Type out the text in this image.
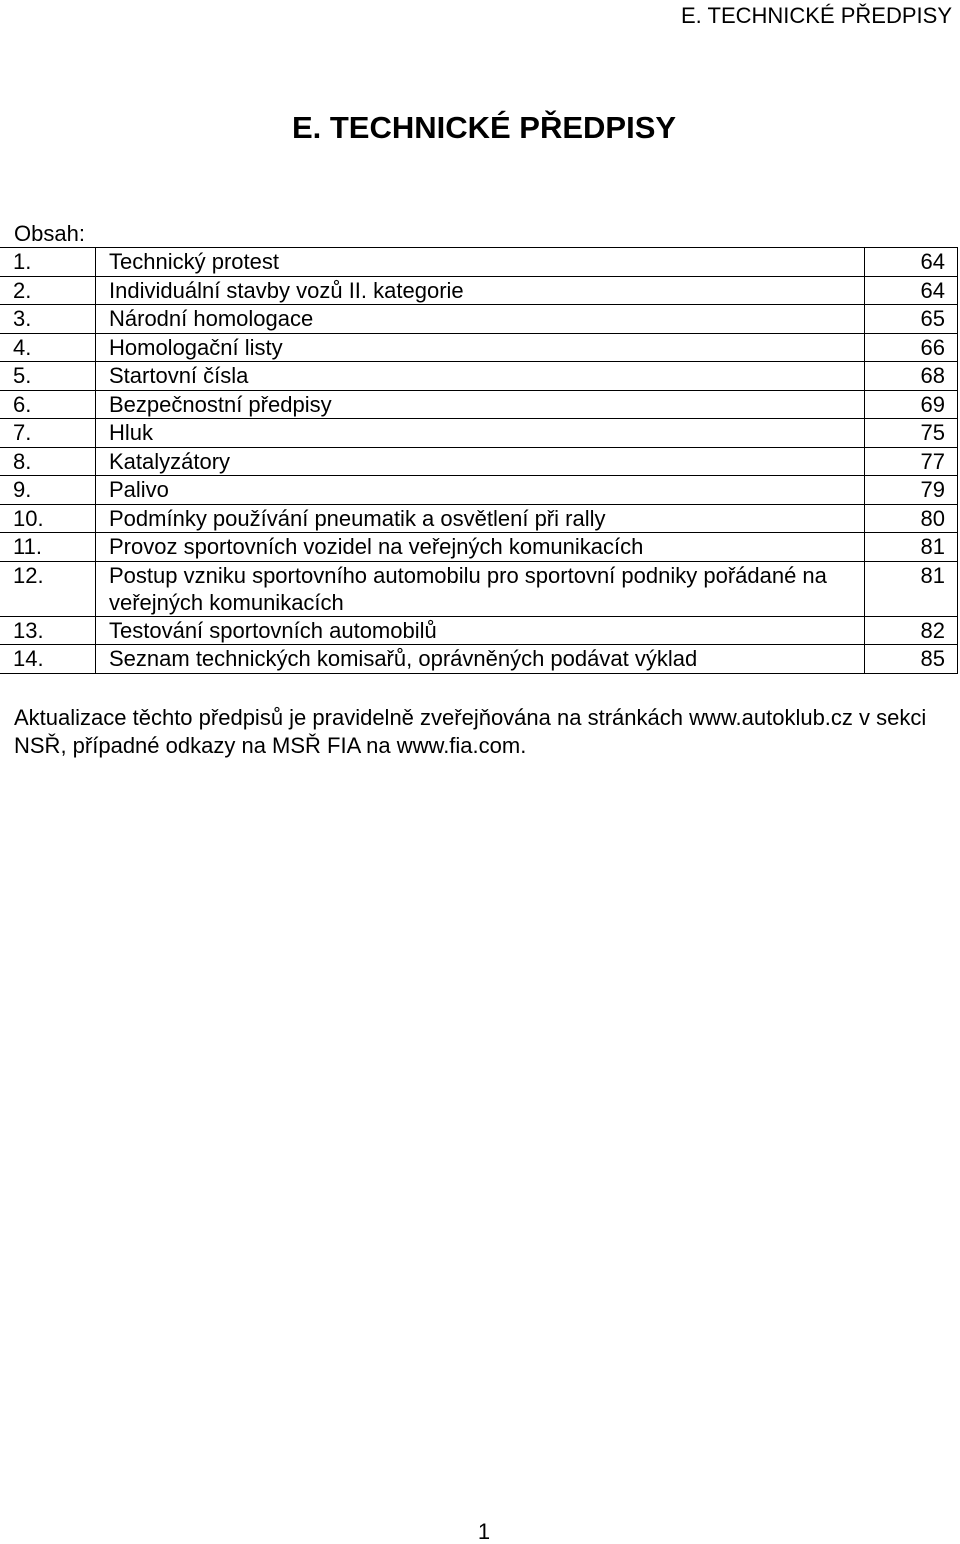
E. TECHNICKÉ PŘEDPISY
E. TECHNICKÉ PŘEDPISY
Obsah:
1.	Technický protest	64
2.	Individuální stavby vozů II. kategorie	64
3.	Národní homologace	65
4.	Homologační listy	66
5.	Startovní čísla	68
6.	Bezpečnostní předpisy	69
7.	Hluk	75
8.	Katalyzátory	77
9.	Palivo	79
10.	Podmínky používání pneumatik a osvětlení při rally	80
11.	Provoz sportovních vozidel na veřejných komunikacích	81
12.	Postup vzniku sportovního automobilu pro sportovní podniky pořádané na veřejných komunikacích	81
13.	Testování sportovních automobilů	82
14.	Seznam technických komisařů, oprávněných podávat výklad	85
Aktualizace těchto předpisů je pravidelně zveřejňována na stránkách www.autoklub.cz v sekci NSŘ, případné odkazy na MSŘ FIA na www.fia.com.
1
